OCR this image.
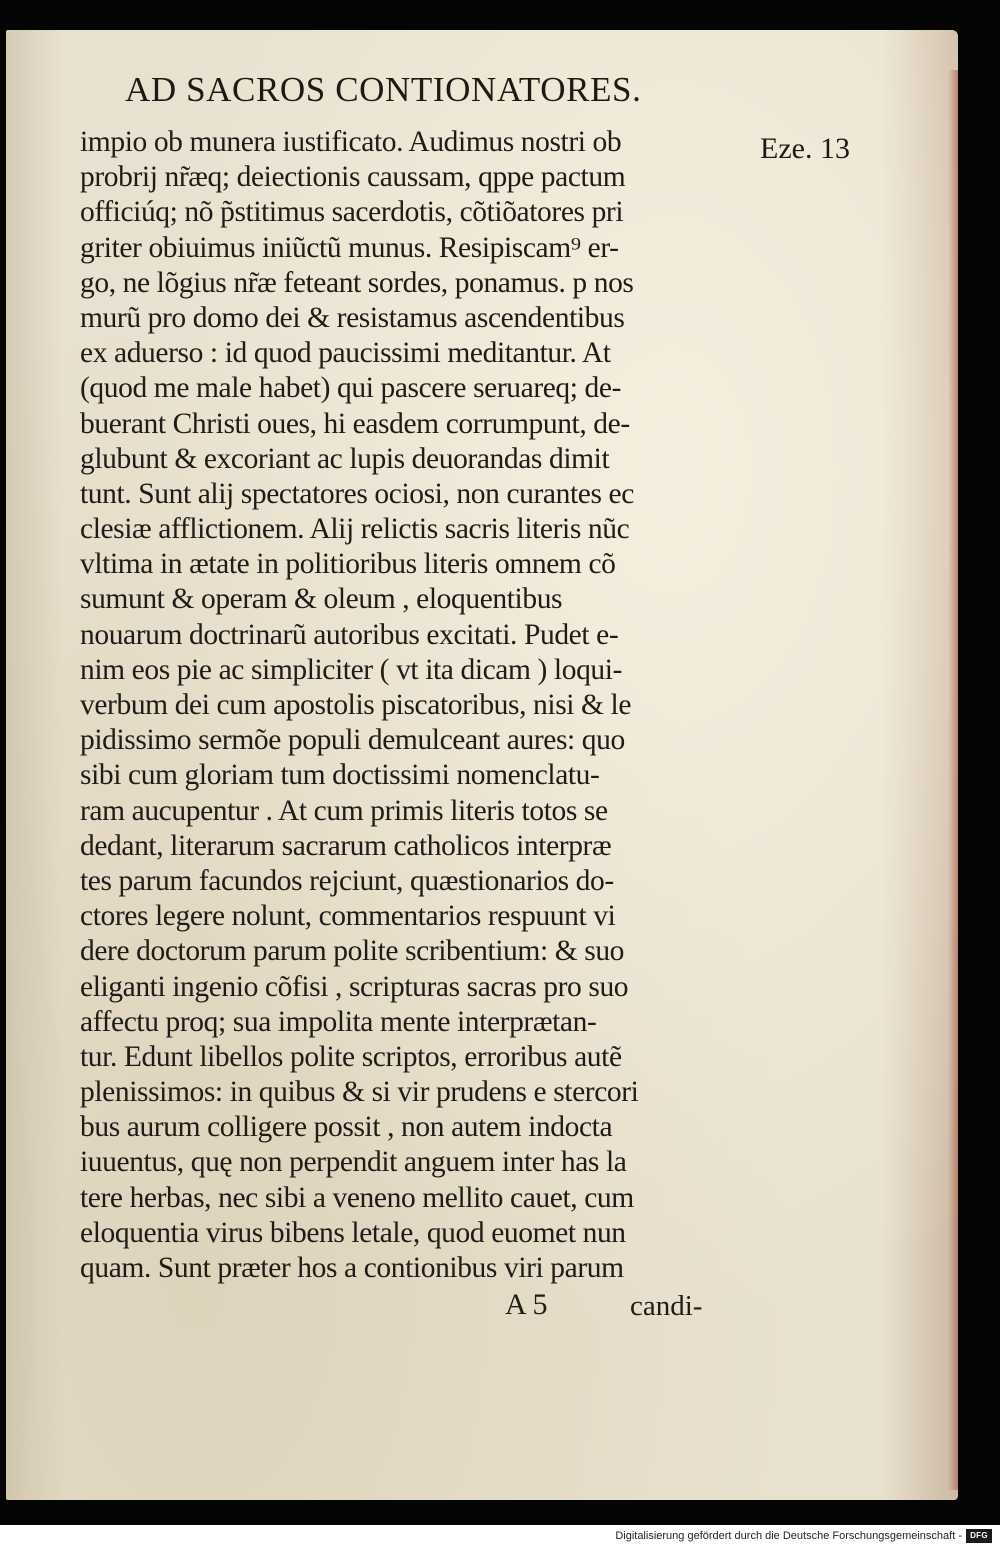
AD SACROS CONTIONATORES.
Eze. 13
impio ob munera iustificato. Audimus nostri ob
probrij nr̃æq; deiectionis caussam, qppe pactum
officiúq; nõ p̃stitimus sacerdotis, cõtiõatores pri
griter obiuimus iniũctũ munus. Resipiscam⁹ er-
go, ne lõgius nr̃æ feteant sordes, ponamus. p nos
murũ pro domo dei & resistamus ascendentibus
ex aduerso : id quod paucissimi meditantur. At
(quod me male habet) qui pascere seruareq; de-
buerant Christi oues, hi easdem corrumpunt, de-
glubunt & excoriant ac lupis deuorandas dimit
tunt. Sunt alij spectatores ociosi, non curantes ec
clesiæ afflictionem. Alij relictis sacris literis nũc
vltima in ætate in politioribus literis omnem cõ
sumunt & operam & oleum , eloquentibus
nouarum doctrinarũ autoribus excitati. Pudet e-
nim eos pie ac simpliciter ( vt ita dicam ) loqui-
verbum dei cum apostolis piscatoribus, nisi & le
pidissimo sermõe populi demulceant aures: quo
sibi cum gloriam tum doctissimi nomenclatu-
ram aucupentur . At cum primis literis totos se
dedant, literarum sacrarum catholicos interpræ
tes parum facundos rejciunt, quæstionarios do-
ctores legere nolunt, commentarios respuunt vi
dere doctorum parum polite scribentium: & suo
eliganti ingenio cõfisi , scripturas sacras pro suo
affectu proq; sua impolita mente interprætan-
tur. Edunt libellos polite scriptos, erroribus autẽ
plenissimos: in quibus & si vir prudens e stercori
bus aurum colligere possit , non autem indocta
iuuentus, quę non perpendit anguem inter has la
tere herbas, nec sibi a veneno mellito cauet, cum
eloquentia virus bibens letale, quod euomet nun
quam. Sunt præter hos a contionibus viri parum
A 5	candi-
Digitalisierung gefördert durch die Deutsche Forschungsgemeinschaft -	DFG
